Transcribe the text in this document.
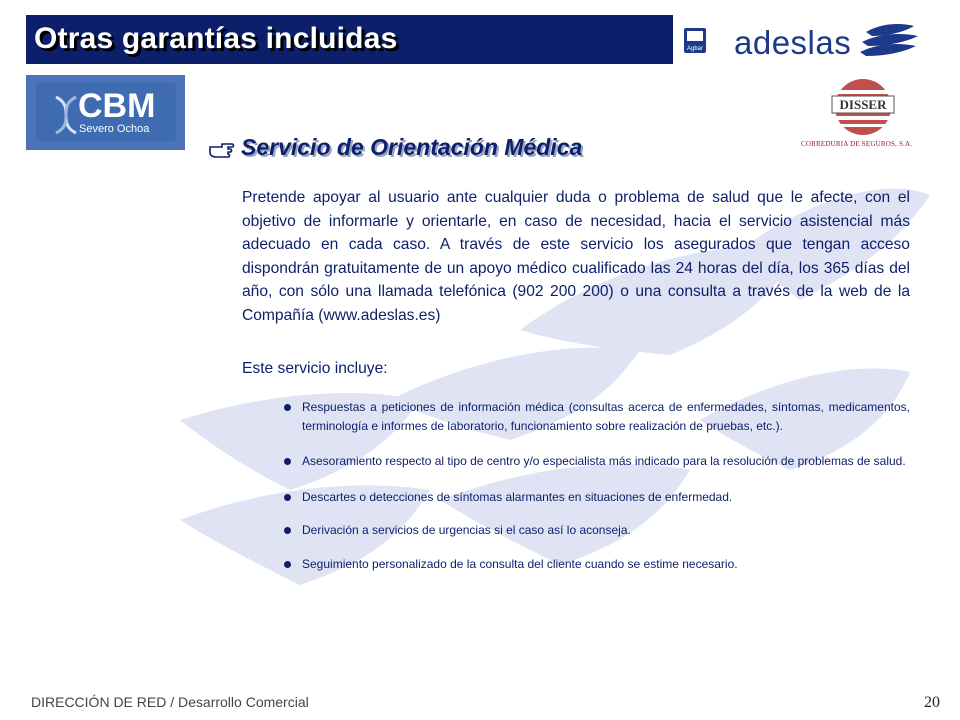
Otras garantías incluidas	Agbar adeslas
CBM
Severo Ochoa
DISSER
CORREDURIA DE SEGUROS, S.A.
Servicio de Orientación Médica
Pretende apoyar al usuario ante cualquier duda o problema de salud que le afecte, con el objetivo de informarle y orientarle, en caso de necesidad, hacia el servicio asistencial más adecuado en cada caso. A través de este servicio los asegurados que tengan acceso dispondrán gratuitamente de un apoyo médico cualificado las 24 horas del día, los 365 días del año, con sólo una llamada telefónica (902 200 200) o una consulta a través de la web de la Compañía (www.adeslas.es)
Este servicio incluye:
Respuestas a peticiones de información médica (consultas acerca de enfermedades, síntomas, medicamentos, terminología e informes de laboratorio, funcionamiento sobre realización de pruebas, etc.).
Asesoramiento respecto al tipo de centro y/o especialista más indicado para la resolución de problemas de salud.
Descartes o detecciones de síntomas alarmantes en situaciones de enfermedad.
Derivación a servicios de urgencias si el caso así lo aconseja.
Seguimiento personalizado de la consulta del cliente cuando se estime necesario.
DIRECCIÓN DE RED / Desarrollo Comercial	20
